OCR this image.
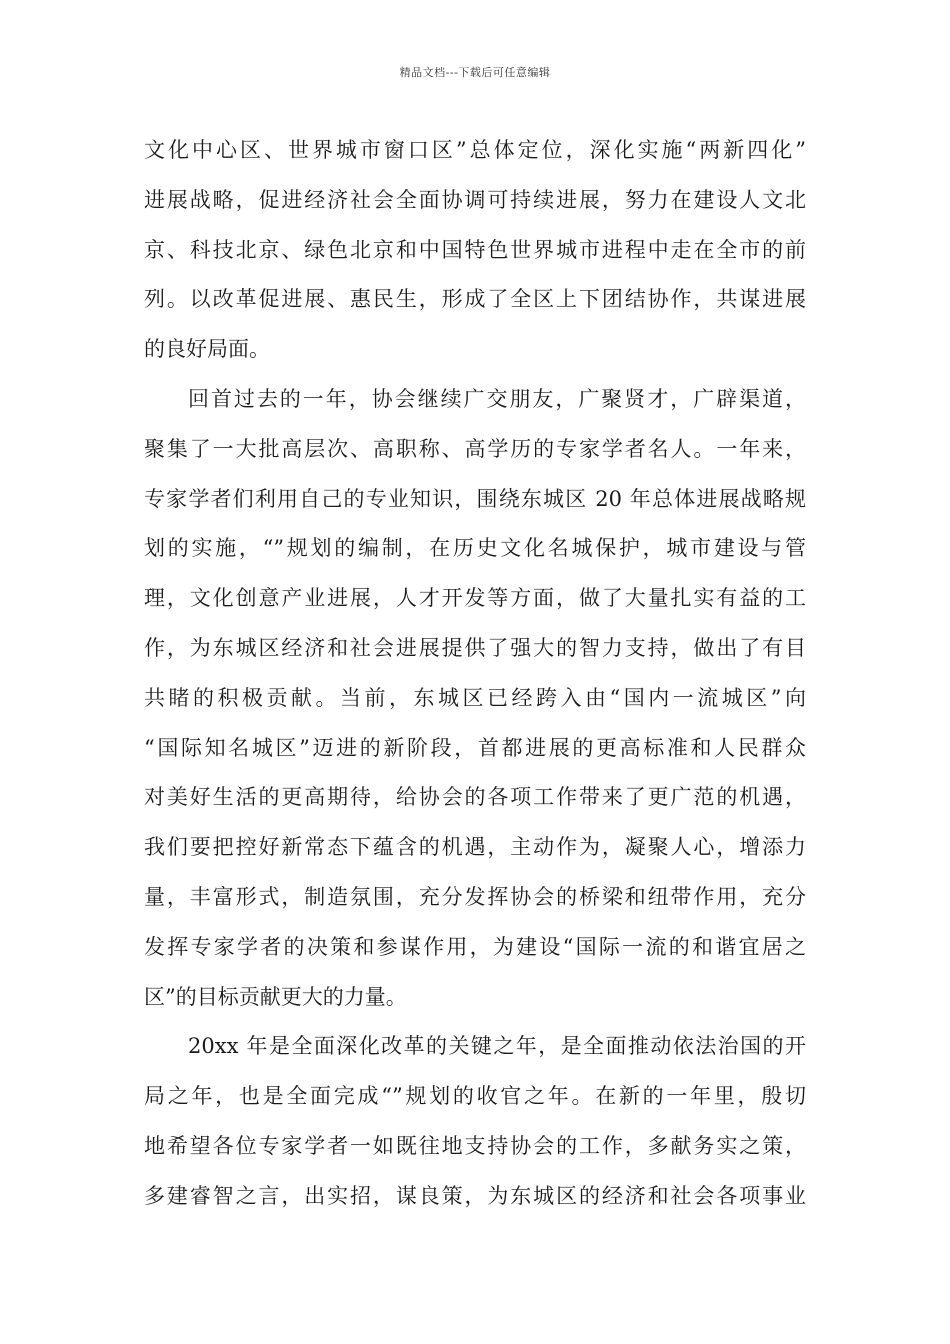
精品文档---下载后可任意编辑
文化中心区、世界城市窗口区”总体定位，深化实施“两新四化”
进展战略，促进经济社会全面协调可持续进展，努力在建设人文北
京、科技北京、绿色北京和中国特色世界城市进程中走在全市的前
列。以改革促进展、惠民生，形成了全区上下团结协作，共谋进展
的良好局面。
回首过去的一年，协会继续广交朋友，广聚贤才，广辟渠道，
聚集了一大批高层次、高职称、高学历的专家学者名人。一年来，
专家学者们利用自己的专业知识，围绕东城区 20 年总体进展战略规
划的实施，“”规划的编制，在历史文化名城保护，城市建设与管
理，文化创意产业进展，人才开发等方面，做了大量扎实有益的工
作，为东城区经济和社会进展提供了强大的智力支持，做出了有目
共睹的积极贡献。当前，东城区已经跨入由“国内一流城区”向
“国际知名城区”迈进的新阶段，首都进展的更高标准和人民群众
对美好生活的更高期待，给协会的各项工作带来了更广范的机遇，
我们要把控好新常态下蕴含的机遇，主动作为，凝聚人心，增添力
量，丰富形式，制造氛围，充分发挥协会的桥梁和纽带作用，充分
发挥专家学者的决策和参谋作用，为建设“国际一流的和谐宜居之
区”的目标贡献更大的力量。
20xx 年是全面深化改革的关键之年，是全面推动依法治国的开
局之年，也是全面完成“”规划的收官之年。在新的一年里，殷切
地希望各位专家学者一如既往地支持协会的工作，多献务实之策，
多建睿智之言，出实招，谋良策，为东城区的经济和社会各项事业
